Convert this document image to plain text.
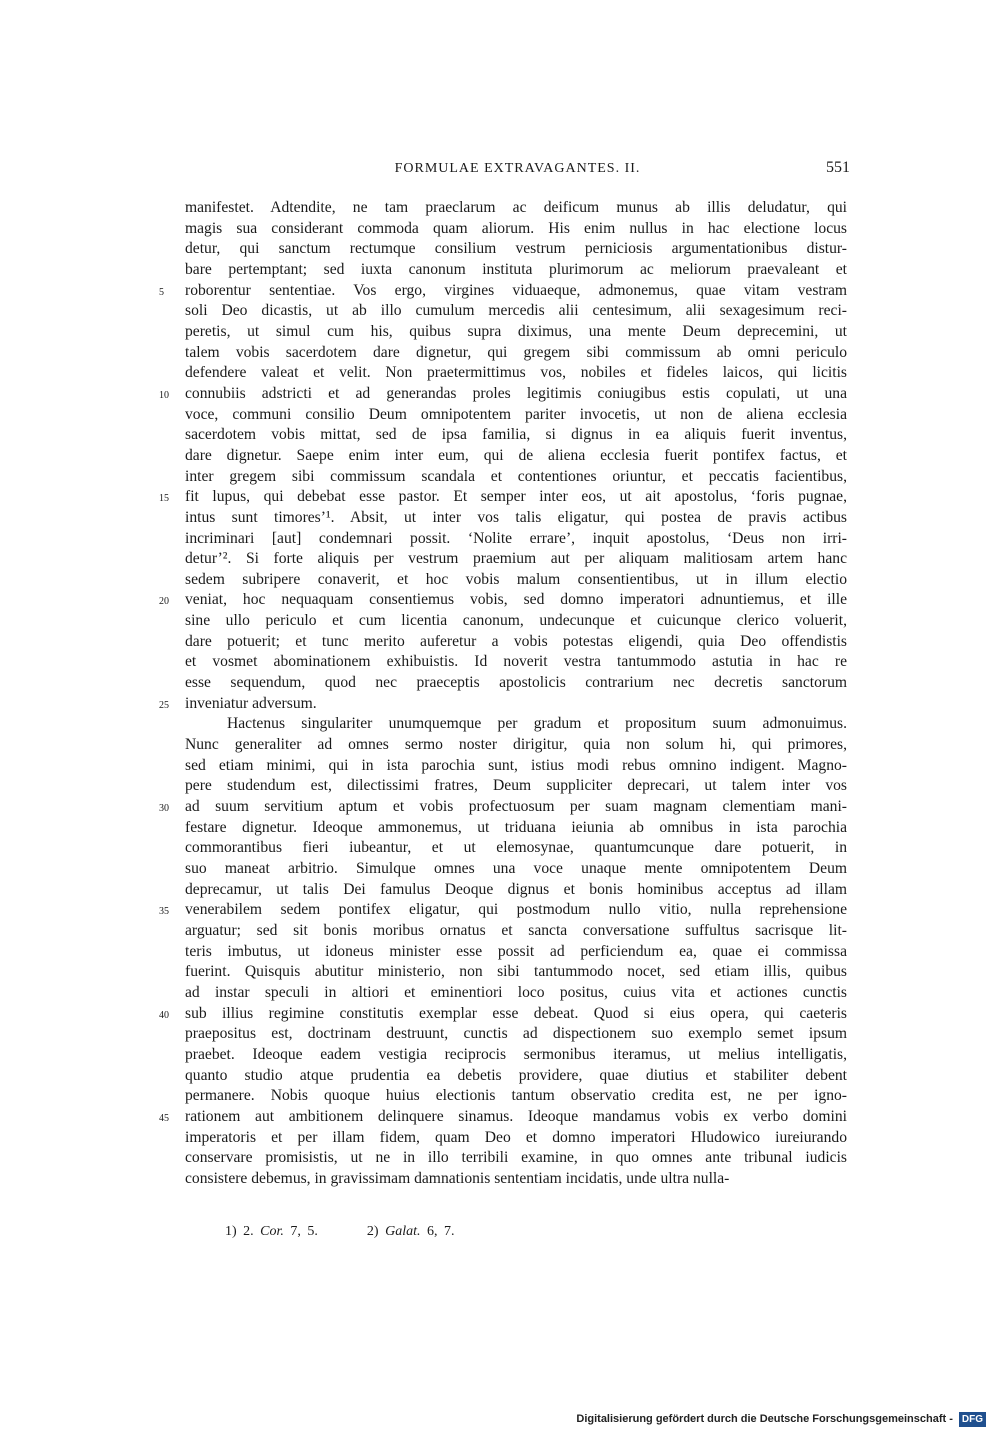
FORMULAE EXTRAVAGANTES. II.	551
manifestet. Adtendite, ne tam praeclarum ac deificum munus ab illis deludatur, qui
magis sua considerant commoda quam aliorum. His enim nullus in hac electione locus
detur, qui sanctum rectumque consilium vestrum perniciosis argumentationibus distur-
bare pertemptant; sed iuxta canonum instituta plurimorum ac meliorum praevaleant et
roborentur sententiae. Vos ergo, virgines viduaeque, admonemus, quae vitam vestram
5
soli Deo dicastis, ut ab illo cumulum mercedis alii centesimum, alii sexagesimum reci-
peretis, ut simul cum his, quibus supra diximus, una mente Deum deprecemini, ut
talem vobis sacerdotem dare dignetur, qui gregem sibi commissum ab omni periculo
defendere valeat et velit. Non praetermittimus vos, nobiles et fideles laicos, qui licitis
connubiis adstricti et ad generandas proles legitimis coniugibus estis copulati, ut una
10
voce, communi consilio Deum omnipotentem pariter invocetis, ut non de aliena ecclesia
sacerdotem vobis mittat, sed de ipsa familia, si dignus in ea aliquis fuerit inventus,
dare dignetur. Saepe enim inter eum, qui de aliena ecclesia fuerit pontifex factus, et
inter gregem sibi commissum scandala et contentiones oriuntur, et peccatis facientibus,
fit lupus, qui debebat esse pastor. Et semper inter eos, ut ait apostolus, ‘foris pugnae,
15
intus sunt timores’¹. Absit, ut inter vos talis eligatur, qui postea de pravis actibus
incriminari [aut] condemnari possit. ‘Nolite errare’, inquit apostolus, ‘Deus non irri-
detur’². Si forte aliquis per vestrum praemium aut per aliquam malitiosam artem hanc
sedem subripere conaverit, et hoc vobis malum consentientibus, ut in illum electio
veniat, hoc nequaquam consentiemus vobis, sed domno imperatori adnuntiemus, et ille
20
sine ullo periculo et cum licentia canonum, undecunque et cuicunque clerico voluerit,
dare potuerit; et tunc merito auferetur a vobis potestas eligendi, quia Deo offendistis
et vosmet abominationem exhibuistis. Id noverit vestra tantummodo astutia in hac re
esse sequendum, quod nec praeceptis apostolicis contrarium nec decretis sanctorum
inveniatur adversum.
25
Hactenus singulariter unumquemque per gradum et propositum suum admonuimus.
Nunc generaliter ad omnes sermo noster dirigitur, quia non solum hi, qui primores,
sed etiam minimi, qui in ista parochia sunt, istius modi rebus omnino indigent. Magno-
pere studendum est, dilectissimi fratres, Deum suppliciter deprecari, ut talem inter vos
ad suum servitium aptum et vobis profectuosum per suam magnam clementiam mani-
30
festare dignetur. Ideoque ammonemus, ut triduana ieiunia ab omnibus in ista parochia
commorantibus fieri iubeantur, et ut elemosynae, quantumcunque dare potuerit, in
suo maneat arbitrio. Simulque omnes una voce unaque mente omnipotentem Deum
deprecamur, ut talis Dei famulus Deoque dignus et bonis hominibus acceptus ad illam
venerabilem sedem pontifex eligatur, qui postmodum nullo vitio, nulla reprehensione
35
arguatur; sed sit bonis moribus ornatus et sancta conversatione suffultus sacrisque lit-
teris imbutus, ut idoneus minister esse possit ad perficiendum ea, quae ei commissa
fuerint. Quisquis abutitur ministerio, non sibi tantummodo nocet, sed etiam illis, quibus
ad instar speculi in altiori et eminentiori loco positus, cuius vita et actiones cunctis
sub illius regimine constitutis exemplar esse debeat. Quod si eius opera, qui caeteris
40
praepositus est, doctrinam destruunt, cunctis ad dispectionem suo exemplo semet ipsum
praebet. Ideoque eadem vestigia reciprocis sermonibus iteramus, ut melius intelligatis,
quanto studio atque prudentia ea debetis providere, quae diutius et stabiliter debent
permanere. Nobis quoque huius electionis tantum observatio credita est, ne per igno-
rationem aut ambitionem delinquere sinamus. Ideoque mandamus vobis ex verbo domini
45
imperatoris et per illam fidem, quam Deo et domno imperatori Hludowico iureiurando
conservare promisistis, ut ne in illo terribili examine, in quo omnes ante tribunal iudicis
consistere debemus, in gravissimam damnationis sententiam incidatis, unde ultra nulla-
1) 2. Cor. 7, 5.	2) Galat. 6, 7.
Digitalisierung gefördert durch die Deutsche Forschungsgemeinschaft - DFG
